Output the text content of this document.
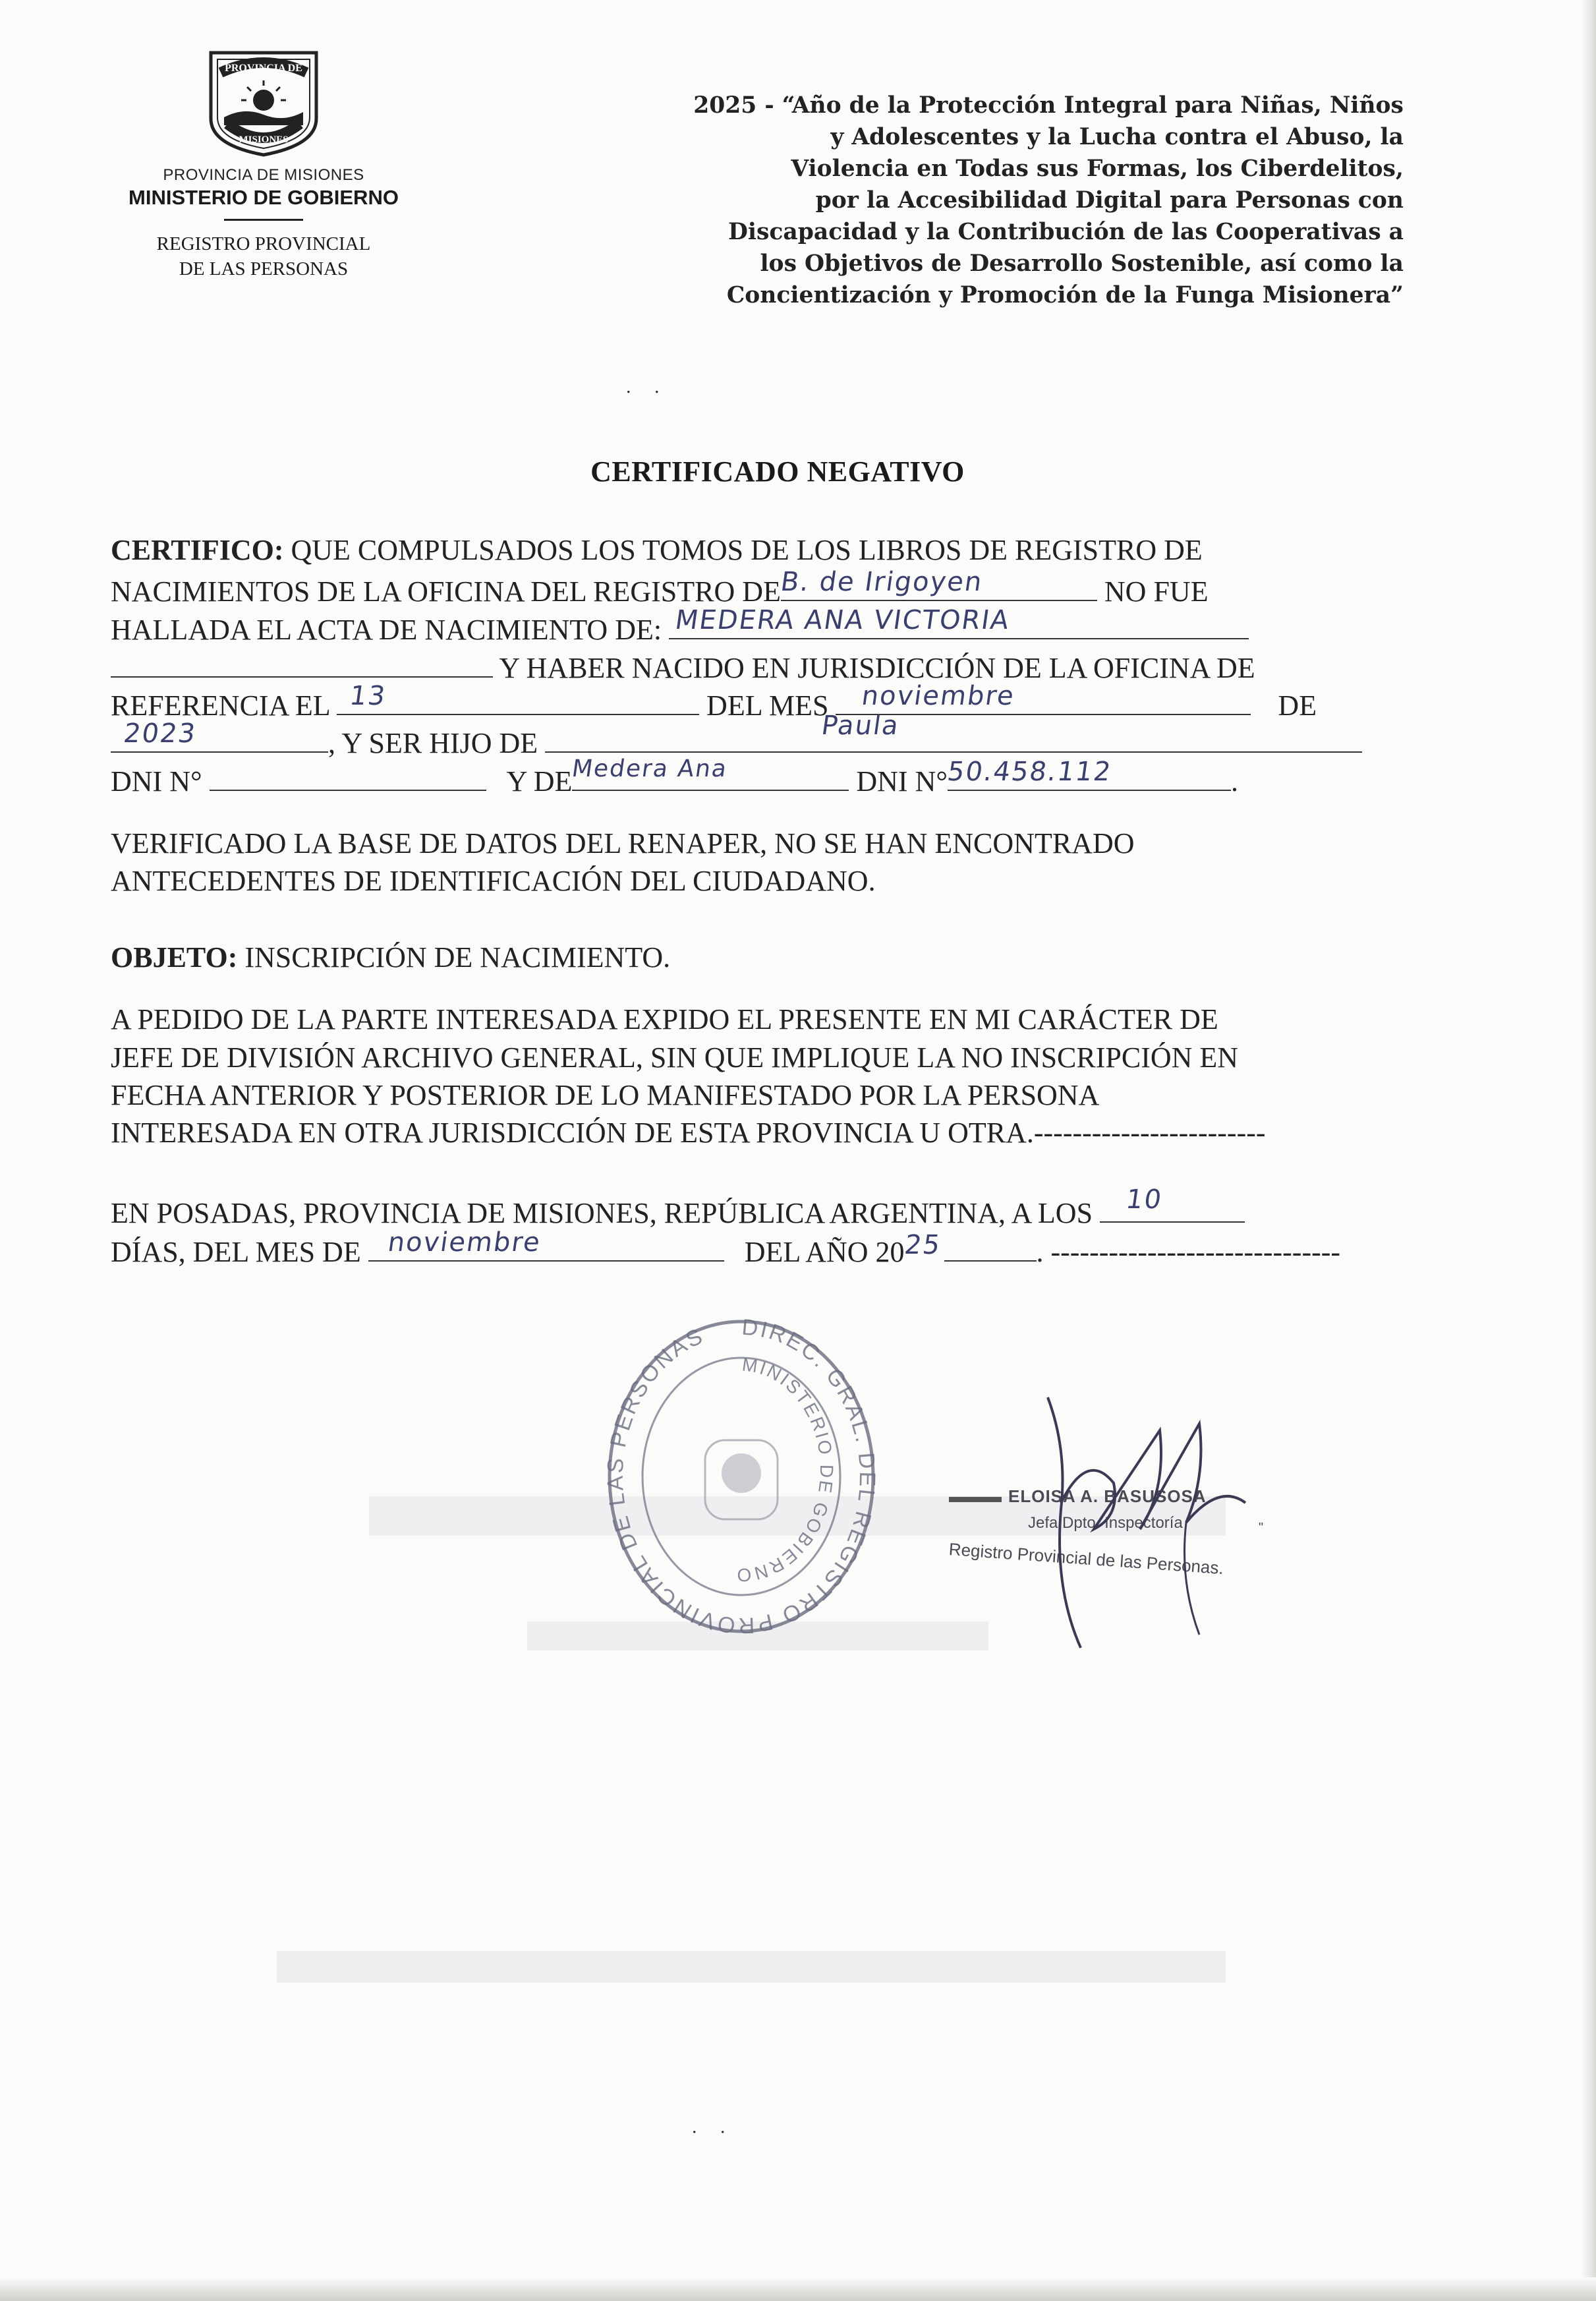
PROVINCIA DE
MISIONES
PROVINCIA DE MISIONES
MINISTERIO DE GOBIERNO
REGISTRO PROVINCIAL
DE LAS PERSONAS
2025 - “Año de la Protección Integral para Niñas, Niños
y Adolescentes y la Lucha contra el Abuso, la
Violencia en Todas sus Formas, los Ciberdelitos,
por la Accesibilidad Digital para Personas con
Discapacidad y la Contribución de las Cooperativas a
los Objetivos de Desarrollo Sostenible, así como la
Concientización y Promoción de la Funga Misionera”
. .
. .
CERTIFICADO NEGATIVO
CERTIFICO: QUE COMPULSADOS LOS TOMOS DE LOS LIBROS DE REGISTRO DE
NACIMIENTOS DE LA OFICINA DEL REGISTRO DE
B. de Irigoyen	NO FUE
HALLADA EL ACTA DE NACIMIENTO DE: MEDERA ANA VICTORIA
Y HABER NACIDO EN JURISDICCIÓN DE LA OFICINA DE
REFERENCIA EL 13	DEL MES noviembre	DE
2023	, Y SER HIJO DE
Paula
DNI N°	Y DE
Medera Ana	DNI N°
50.458.112	.
VERIFICADO LA BASE DE DATOS DEL RENAPER, NO SE HAN ENCONTRADO
ANTECEDENTES DE IDENTIFICACIÓN DEL CIUDADANO.
OBJETO: INSCRIPCIÓN DE NACIMIENTO.
A PEDIDO DE LA PARTE INTERESADA EXPIDO EL PRESENTE EN MI CARÁCTER DE
JEFE DE DIVISIÓN ARCHIVO GENERAL, SIN QUE IMPLIQUE LA NO INSCRIPCIÓN EN
FECHA ANTERIOR Y POSTERIOR DE LO MANIFESTADO POR LA PERSONA
INTERESADA EN OTRA JURISDICCIÓN DE ESTA PROVINCIA U OTRA.------------------------
EN POSADAS, PROVINCIA DE MISIONES, REPÚBLICA ARGENTINA, A LOS 10
DÍAS, DEL MES DE noviembre	DEL AÑO 20
25	. ------------------------------
DIREC. GRAL. DEL REGISTRO PROVINCIAL DE LAS PERSONAS
MINISTERIO DE GOBIERNO
ELOISA A. BASUSOSA
Jefa Dpto. Inspectoría
Registro Provincial de las Personas.
"
